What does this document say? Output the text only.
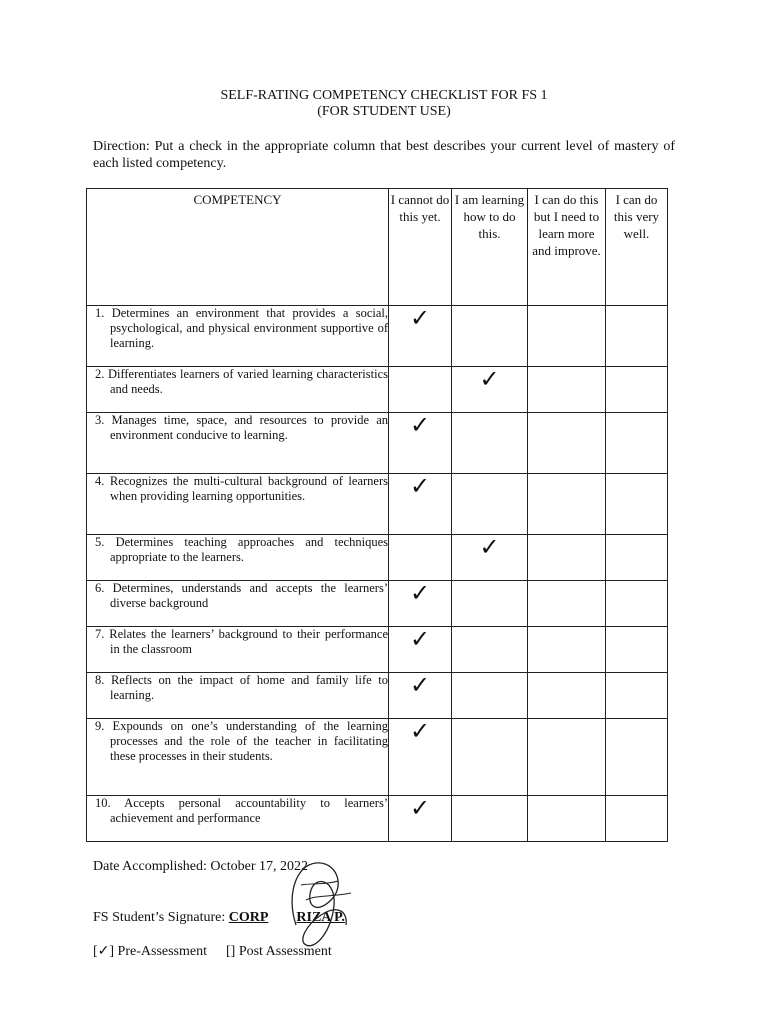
SELF-RATING COMPETENCY CHECKLIST FOR FS 1
(FOR STUDENT USE)
Direction: Put a check in the appropriate column that best describes your current level of mastery of each listed competency.
COMPETENCY	I cannot do this yet.	I am learning how to do this.	I can do this but I need to learn more and improve.	I can do this very well.

1. Determines an environment that provides a social, psychological, and physical environment supportive of learning.	✓			

2. Differentiates learners of varied learning characteristics and needs.		✓		

3. Manages time, space, and resources to provide an environment conducive to learning.	✓			

4. Recognizes the multi-cultural background of learners when providing learning opportunities.	✓			

5. Determines teaching approaches and techniques appropriate to the learners.		✓		

6. Determines, understands and accepts the learners’ diverse background	✓			

7. Relates the learners’ background to their performance in the classroom	✓			

8. Reflects on the impact of home and family life to learning.	✓			

9. Expounds on one’s understanding of the learning processes and the role of the teacher in facilitating these processes in their students.	✓			

10. Accepts personal accountability to learners’ achievement and performance	✓			
Date Accomplished: October 17, 2022
FS Student’s Signature: CORP RIZA P.
[✓] Pre-Assessment [] Post Assessment
